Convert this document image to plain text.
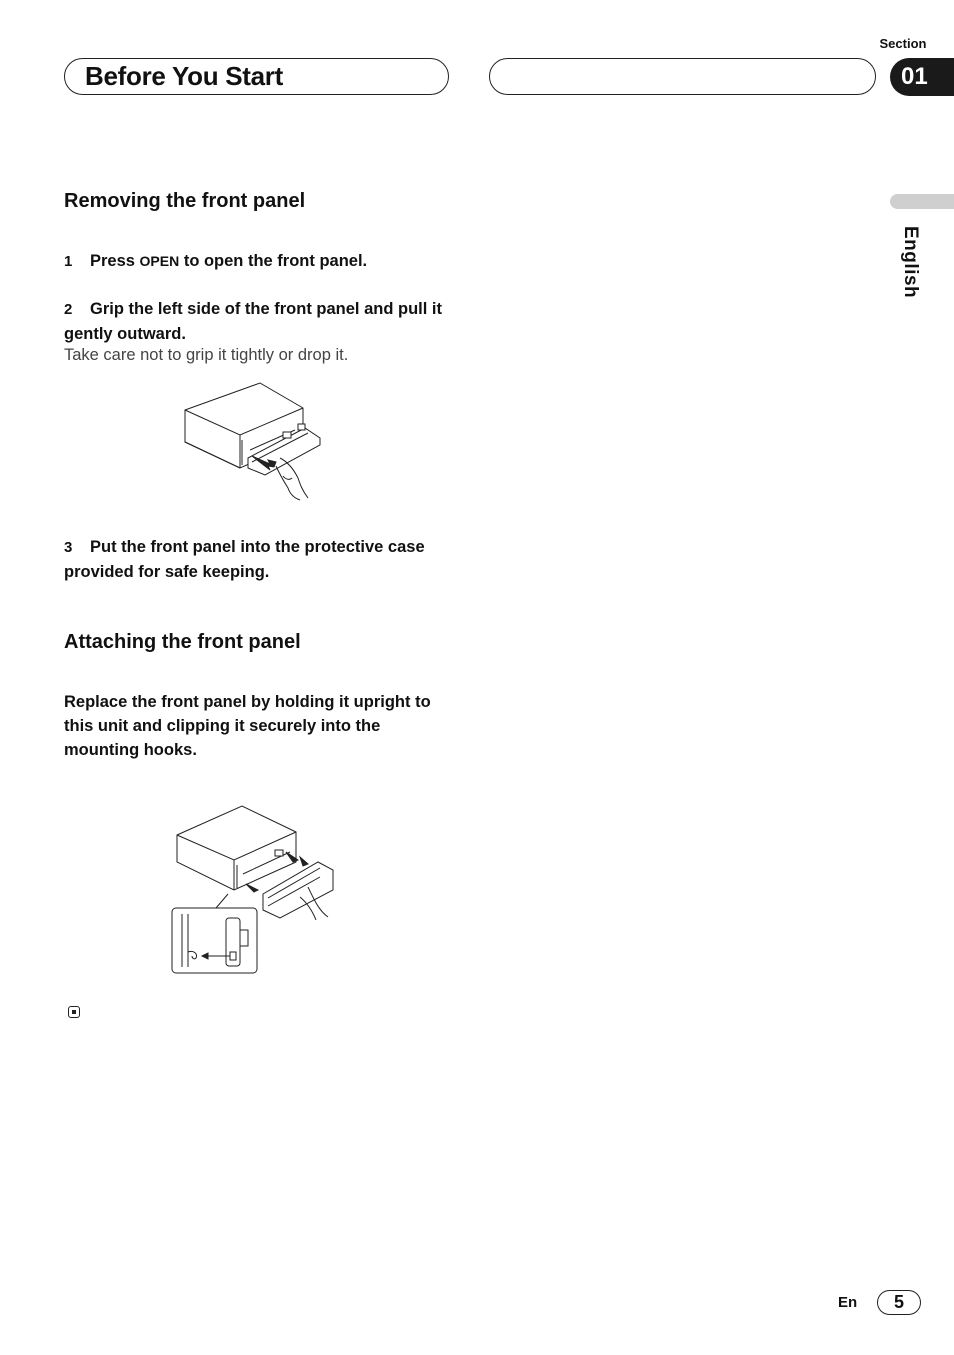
Section
Before You Start	01
English
Removing the front panel
1 Press OPEN to open the front panel.
2 Grip the left side of the front panel and pull it gently outward.
Take care not to grip it tightly or drop it.
3 Put the front panel into the protective case provided for safe keeping.
Attaching the front panel
Replace the front panel by holding it upright to this unit and clipping it securely into the mounting hooks.
En	5
